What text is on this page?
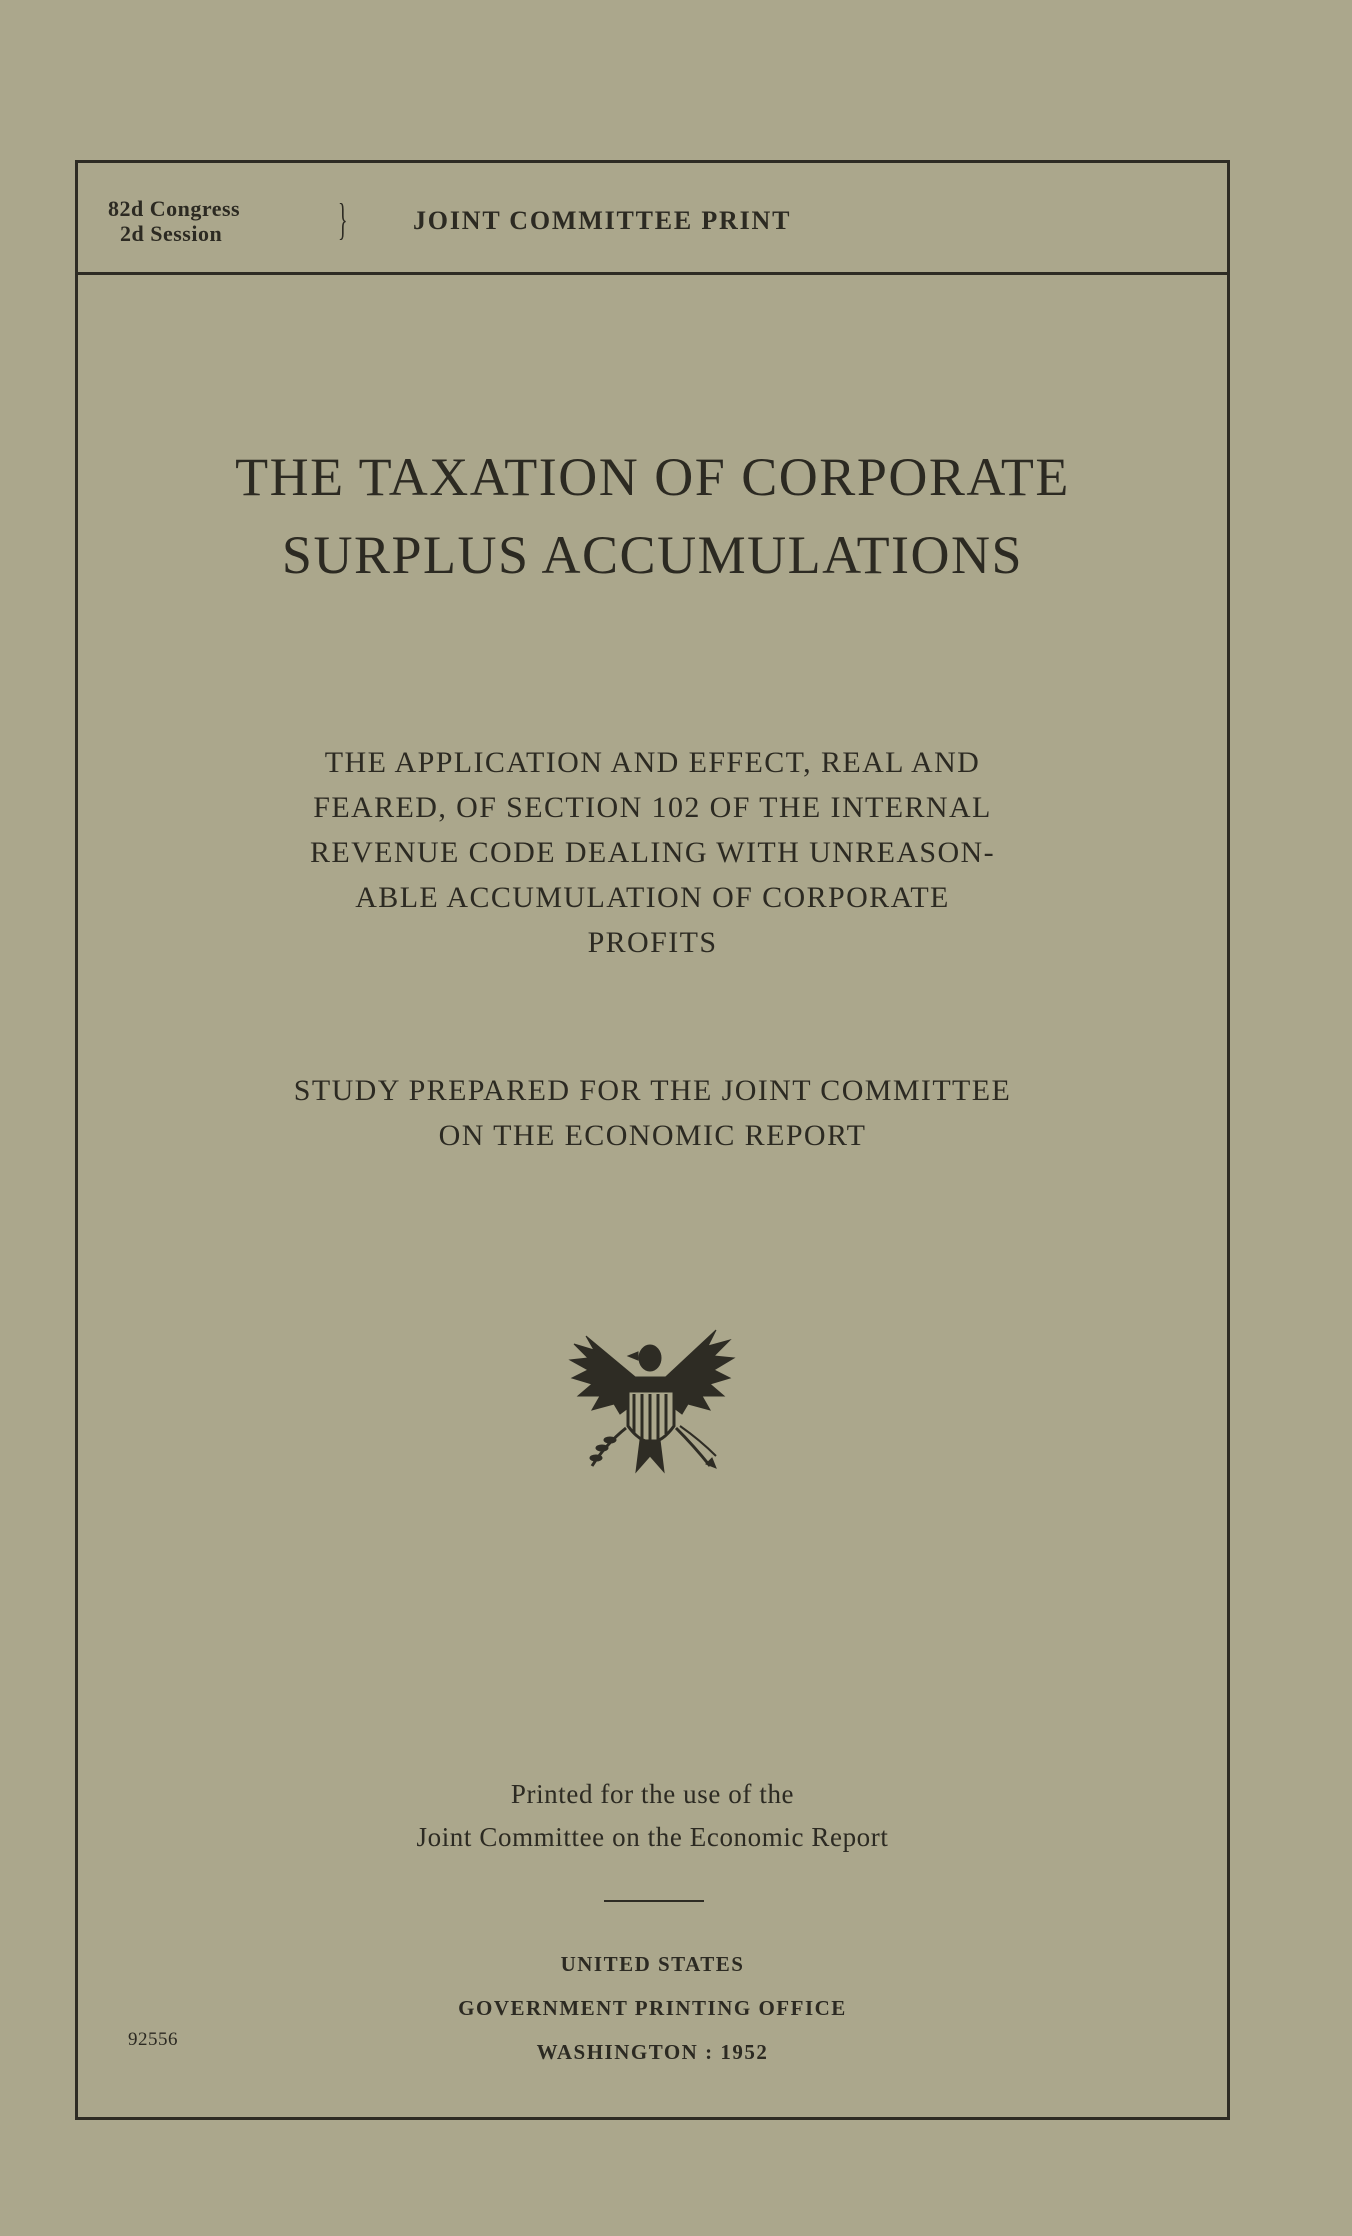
82d Congress
2d Session	}	JOINT COMMITTEE PRINT
THE TAXATION OF CORPORATE
SURPLUS ACCUMULATIONS
THE APPLICATION AND EFFECT, REAL AND
FEARED, OF SECTION 102 OF THE INTERNAL
REVENUE CODE DEALING WITH UNREASON-
ABLE ACCUMULATION OF CORPORATE
PROFITS
STUDY PREPARED FOR THE JOINT COMMITTEE
ON THE ECONOMIC REPORT
Printed for the use of the
Joint Committee on the Economic Report
UNITED STATES
GOVERNMENT PRINTING OFFICE
WASHINGTON : 1952
92556
